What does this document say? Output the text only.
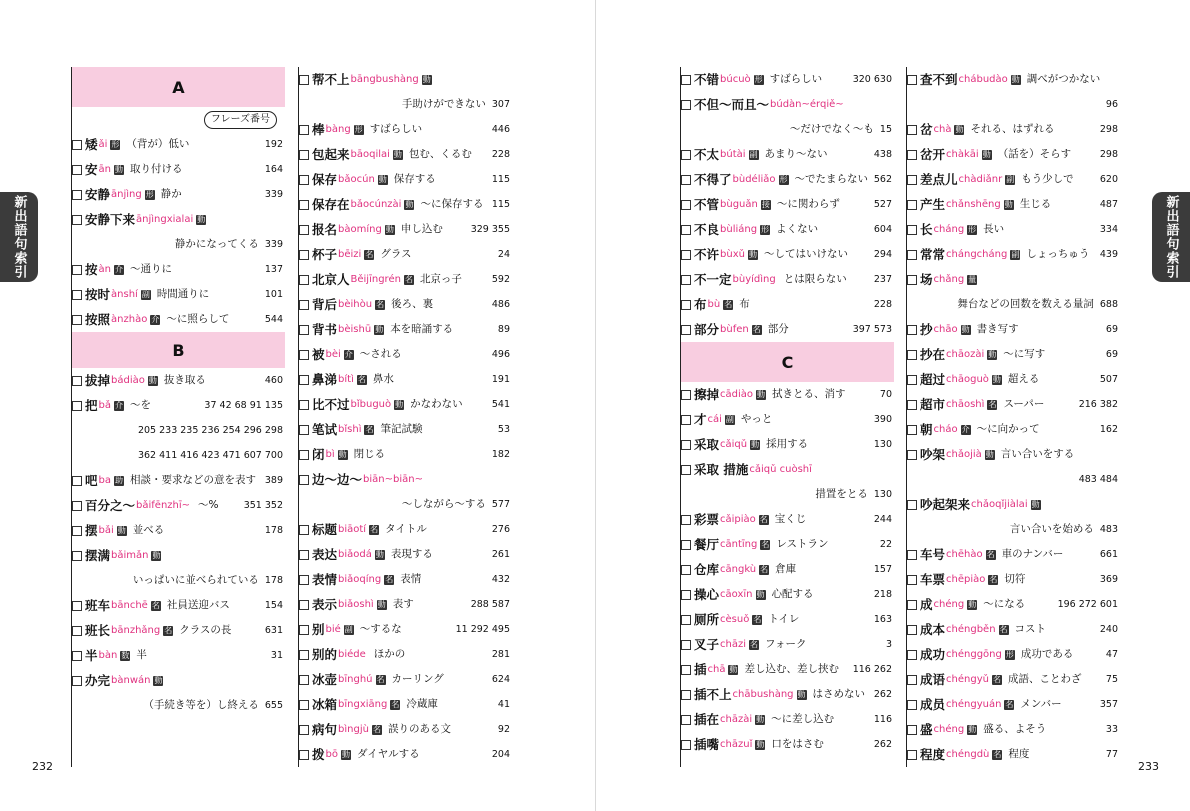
新出語句索引	新出語句索引
A
フレーズ番号
矮 ǎi 形 （背が）低い	192
安 ān 動 取り付ける	164
安静 ānjìng 形 静か	339
安静下来 ānjìngxialai 動
静かになってくる 339
按 àn 介 ～通りに	137
按时 ànshí 副 時間通りに	101
按照 ànzhào 介 ～に照らして	544
B
拔掉 bádiào 動 抜き取る	460
把 bǎ 介 ～を	37 42 68 91 135
205 233 235 236 254 296 298
362 411 416 423 471 607 700
吧 ba 助 相談・要求などの意を表す 389
百分之～ bǎifēnzhī~ ～%	351 352
摆 bǎi 動 並べる	178
摆满 bǎimǎn 動
いっぱいに並べられている 178
班车 bānchē 名 社員送迎バス	154
班长 bānzhǎng 名 クラスの長	631
半 bàn 数 半	31
办完 bànwán 動
（手続き等を）し終える 655
帮不上 bāngbushàng 動
手助けができない 307
棒 bàng 形 すばらしい	446
包起来 bāoqilai 動 包む、くるむ	228
保存 bǎocún 動 保存する	115
保存在 bǎocúnzài 動 ～に保存する 115
报名 bàomíng 動 申し込む	329 355
杯子 bēizi 名 グラス	24
北京人 Běijīngrén 名 北京っ子	592
背后 bèihòu 名 後ろ、裏	486
背书 bèishū 動 本を暗誦する	89
被 bèi 介 ～される	496
鼻涕 bítì 名 鼻水	191
比不过 bǐbuguò 動 かなわない	541
笔试 bǐshì 名 筆記試験	53
闭 bì 動 閉じる	182
边～边～ biān~biān~
～しながら～する 577
标题 biāotí 名 タイトル	276
表达 biǎodá 動 表現する	261
表情 biǎoqíng 名 表情	432
表示 biǎoshì 動 表す	288 587
别 bié 副 ～するな	11 292 495
别的 biéde ほかの	281
冰壶 bīnghú 名 カーリング	624
冰箱 bīngxiāng 名 冷蔵庫	41
病句 bìngjù 名 誤りのある文	92
拨 bō 動 ダイヤルする	204
不错 búcuò 形 すばらしい	320 630
不但～而且～ búdàn~érqiě~
～だけでなく～も 15
不太 bútài 副 あまり～ない	438
不得了 bùdéliǎo 形 ～でたまらない 562
不管 bùguǎn 接 ～に関わらず	527
不良 bùliáng 形 よくない	604
不许 bùxǔ 動 ～してはいけない	294
不一定 bùyídìng とは限らない	237
布 bù 名 布	228
部分 bùfen 名 部分	397 573
C
擦掉 cādiào 動 拭きとる、消す	70
才 cái 副 やっと	390
采取 cǎiqǔ 動 採用する	130
采取 措施 cǎiqǔ cuòshī
措置をとる 130
彩票 cǎipiào 名 宝くじ	244
餐厅 cāntīng 名 レストラン	22
仓库 cāngkù 名 倉庫	157
操心 cāoxīn 動 心配する	218
厕所 cèsuǒ 名 トイレ	163
叉子 chāzi 名 フォーク	3
插 chā 動 差し込む、差し挟む	116 262
插不上 chābushàng 動 はさめない 262
插在 chāzài 動 ～に差し込む	116
插嘴 chāzuǐ 動 口をはさむ	262
查不到 chábudào 動 調べがつかない
96
岔 chà 動 それる、はずれる	298
岔开 chàkāi 動 （話を）そらす	298
差点儿 chàdiǎnr 副 もう少しで	620
产生 chǎnshēng 動 生じる	487
长 cháng 形 長い	334
常常 chángcháng 副 しょっちゅう	439
场 chǎng 量
舞台などの回数を数える量詞 688
抄 chāo 動 書き写す	69
抄在 chāozài 動 ～に写す	69
超过 chāoguò 動 超える	507
超市 chāoshì 名 スーパー	216 382
朝 cháo 介 ～に向かって	162
吵架 chǎojià 動 言い合いをする
483 484
吵起架来 chǎoqǐjiàlai 動
言い合いを始める 483
车号 chēhào 名 車のナンバー	661
车票 chēpiào 名 切符	369
成 chéng 動 ～になる	196 272 601
成本 chéngběn 名 コスト	240
成功 chénggōng 形 成功である	47
成语 chéngyǔ 名 成語、ことわざ	75
成员 chéngyuán 名 メンバー	357
盛 chéng 動 盛る、よそう	33
程度 chéngdù 名 程度	77
232	233
